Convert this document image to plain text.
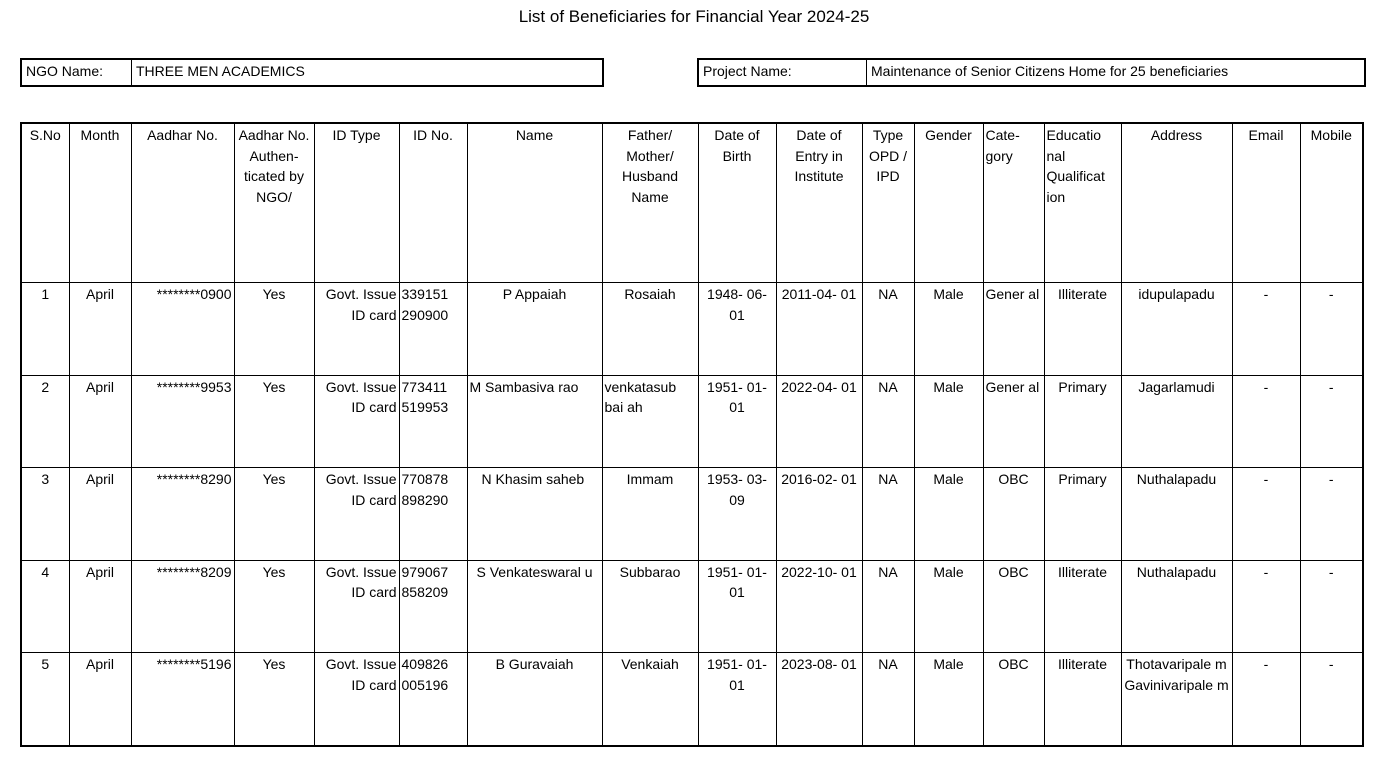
List of Beneficiaries for Financial Year 2024-25
NGO Name:	THREE MEN ACADEMICS	Project Name:	Maintenance of Senior Citizens Home for 25 beneficiaries
S.No	Month	Aadhar No.	Aadhar No. Authen- ticated by NGO/	ID Type	ID No.	Name	Father/ Mother/ Husband Name	Date of Birth	Date of Entry in Institute	Type OPD / IPD	Gender	Cate- gory	Educatio nal Qualificat ion	Address	Email	Mobile
1	April	********0900	Yes	Govt. Issue ID card	339151 290900	P Appaiah	Rosaiah	1948- 06-01	2011-04- 01	NA	Male	Gener al	Illiterate	idupulapadu	-	-
2	April	********9953	Yes	Govt. Issue ID card	773411 519953	M Sambasiva rao	venkatasub bai ah	1951- 01-01	2022-04- 01	NA	Male	Gener al	Primary	Jagarlamudi	-	-
3	April	********8290	Yes	Govt. Issue ID card	770878 898290	N Khasim saheb	Immam	1953- 03-09	2016-02- 01	NA	Male	OBC	Primary	Nuthalapadu	-	-
4	April	********8209	Yes	Govt. Issue ID card	979067 858209	S Venkateswaral u	Subbarao	1951- 01-01	2022-10- 01	NA	Male	OBC	Illiterate	Nuthalapadu	-	-
5	April	********5196	Yes	Govt. Issue ID card	409826 005196	B Guravaiah	Venkaiah	1951- 01-01	2023-08- 01	NA	Male	OBC	Illiterate	Thotavaripale m Gavinivaripale m	-	-
